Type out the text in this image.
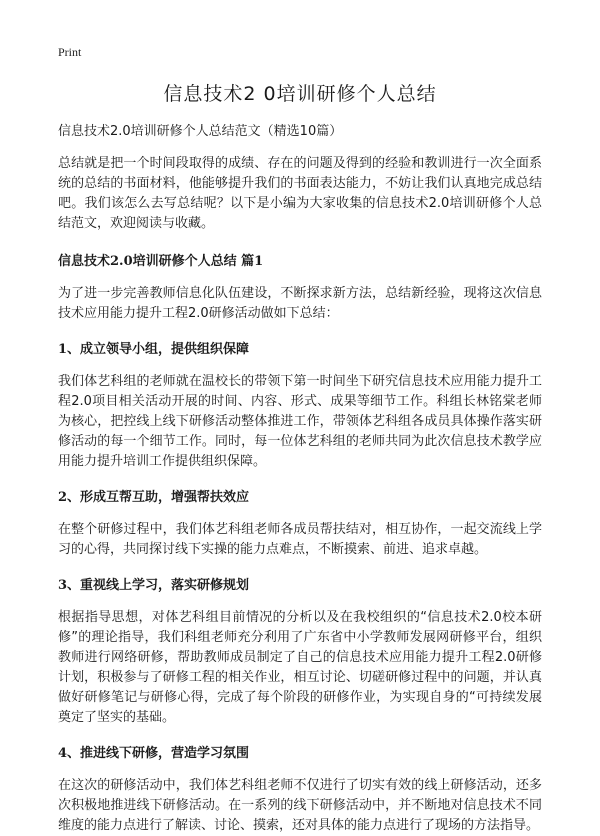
Print

信息技术2 0培训研修个人总结

信息技术2.0培训研修个人总结范文（精选10篇）

总结就是把一个时间段取得的成绩、存在的问题及得到的经验和教训进行一次全面系统的总结的书面材料，他能够提升我们的书面表达能力，不妨让我们认真地完成总结吧。我们该怎么去写总结呢？以下是小编为大家收集的信息技术2.0培训研修个人总结范文，欢迎阅读与收藏。

信息技术2.0培训研修个人总结 篇1

为了进一步完善教师信息化队伍建设，不断探求新方法，总结新经验，现将这次信息技术应用能力提升工程2.0研修活动做如下总结：

1、成立领导小组，提供组织保障

我们体艺科组的老师就在温校长的带领下第一时间坐下研究信息技术应用能力提升工程2.0项目相关活动开展的时间、内容、形式、成果等细节工作。科组长林铭棠老师为核心，把控线上线下研修活动整体推进工作，带领体艺科组各成员具体操作落实研修活动的每一个细节工作。同时，每一位体艺科组的老师共同为此次信息技术教学应用能力提升培训工作提供组织保障。

2、形成互帮互助，增强帮扶效应

在整个研修过程中，我们体艺科组老师各成员帮扶结对，相互协作，一起交流线上学习的心得，共同探讨线下实操的能力点难点，不断摸索、前进、追求卓越。

3、重视线上学习，落实研修规划

根据指导思想，对体艺科组目前情况的分析以及在我校组织的“信息技术2.0校本研修”的理论指导，我们科组老师充分利用了广东省中小学教师发展网研修平台，组织教师进行网络研修，帮助教师成员制定了自己的信息技术应用能力提升工程2.0研修计划，积极参与了研修工程的相关作业，相互讨论、切磋研修过程中的问题，并认真做好研修笔记与研修心得，完成了每个阶段的研修作业，为实现自身的“可持续发展奠定了坚实的基础。

4、推进线下研修，营造学习氛围

在这次的研修活动中，我们体艺科组老师不仅进行了切实有效的线上研修活动，还多次积极地推进线下研修活动。在一系列的线下研修活动中，并不断地对信息技术不同维度的能力点进行了解读、讨论、摸索，还对具体的能力点进行了现场的方法指导。
